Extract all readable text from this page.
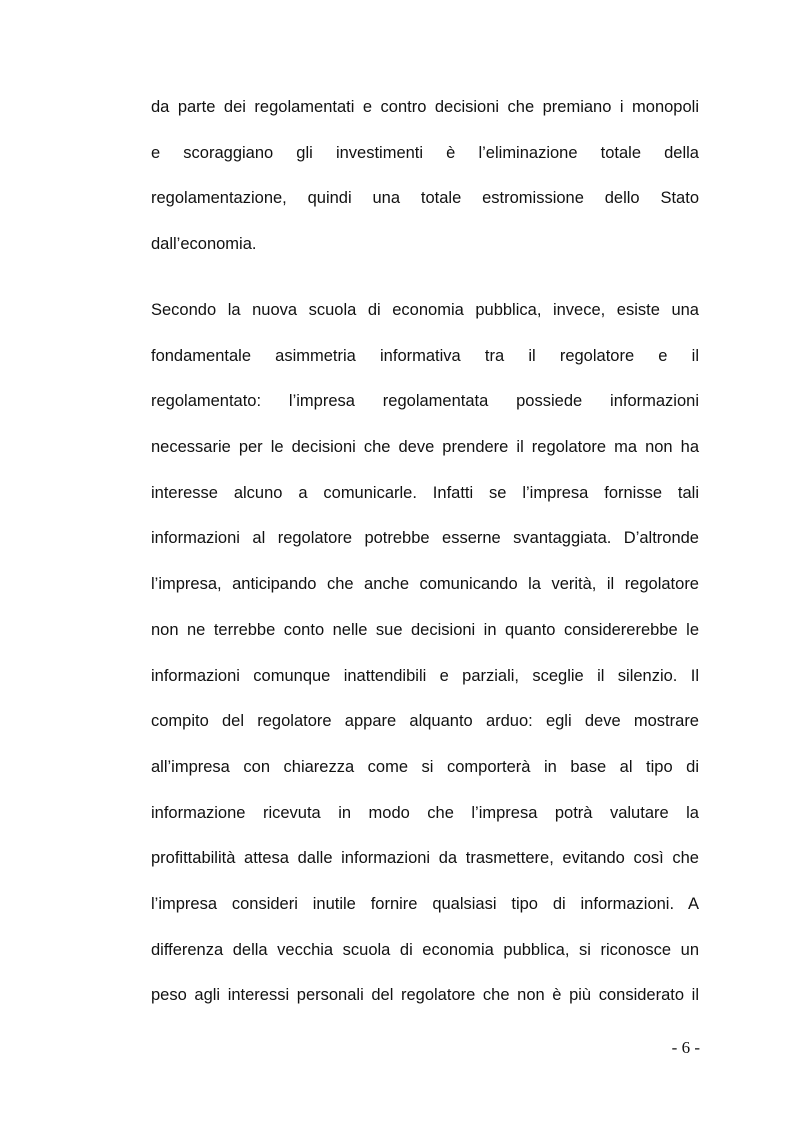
da parte dei regolamentati e contro decisioni che premiano i monopoli
e scoraggiano gli investimenti è l’eliminazione totale della
regolamentazione, quindi una totale estromissione dello Stato
dall’economia.
Secondo la nuova scuola di economia pubblica, invece, esiste una
fondamentale asimmetria informativa tra il regolatore e il
regolamentato: l’impresa regolamentata possiede informazioni
necessarie per le decisioni che deve prendere il regolatore ma non ha
interesse alcuno a comunicarle. Infatti se l’impresa fornisse tali
informazioni al regolatore potrebbe esserne svantaggiata. D’altronde
l’impresa, anticipando che anche comunicando la verità, il regolatore
non ne terrebbe conto nelle sue decisioni in quanto considererebbe le
informazioni comunque inattendibili e parziali, sceglie il silenzio. Il
compito del regolatore appare alquanto arduo: egli deve mostrare
all’impresa con chiarezza come si comporterà in base al tipo di
informazione ricevuta in modo che l’impresa potrà valutare la
profittabilità attesa dalle informazioni da trasmettere, evitando così che
l’impresa consideri inutile fornire qualsiasi tipo di informazioni. A
differenza della vecchia scuola di economia pubblica, si riconosce un
peso agli interessi personali del regolatore che non è più considerato il
- 6 -
